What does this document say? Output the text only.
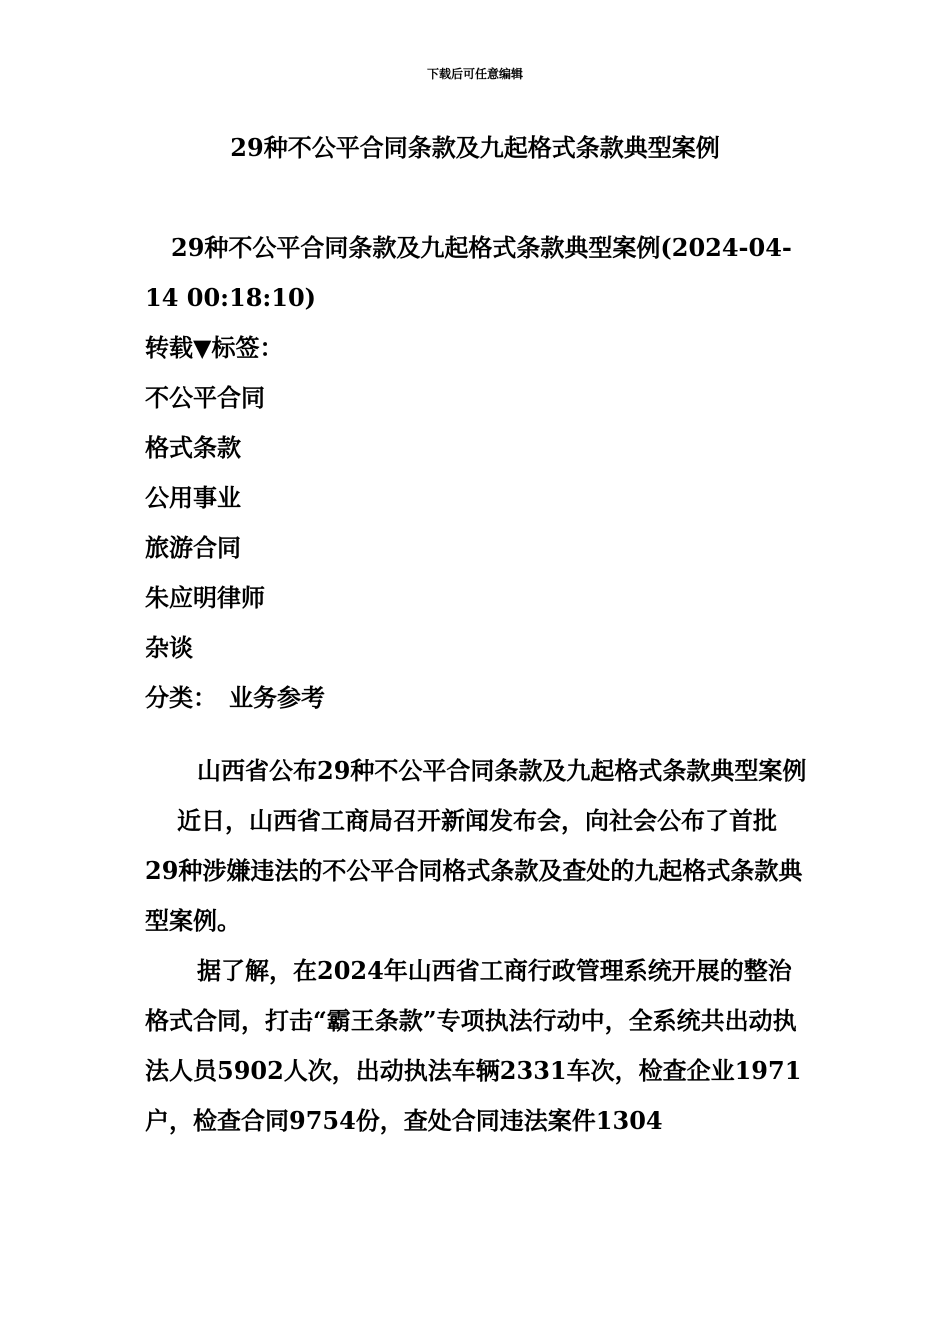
下载后可任意编辑
29种不公平合同条款及九起格式条款典型案例

29种不公平合同条款及九起格式条款典型案例(2024-04-14 00:18:10)

转载▼标签：

不公平合同
格式条款
公用事业
旅游合同
朱应明律师
杂谈

分类： 业务参考

山西省公布29种不公平合同条款及九起格式条款典型案例

近日，山西省工商局召开新闻发布会，向社会公布了首批29种涉嫌违法的不公平合同格式条款及查处的九起格式条款典型案例。

据了解，在2024年山西省工商行政管理系统开展的整治格式合同，打击“霸王条款”专项执法行动中，全系统共出动执法人员5902人次，出动执法车辆2331车次，检查企业1971户，检查合同9754份，查处合同违法案件1304
